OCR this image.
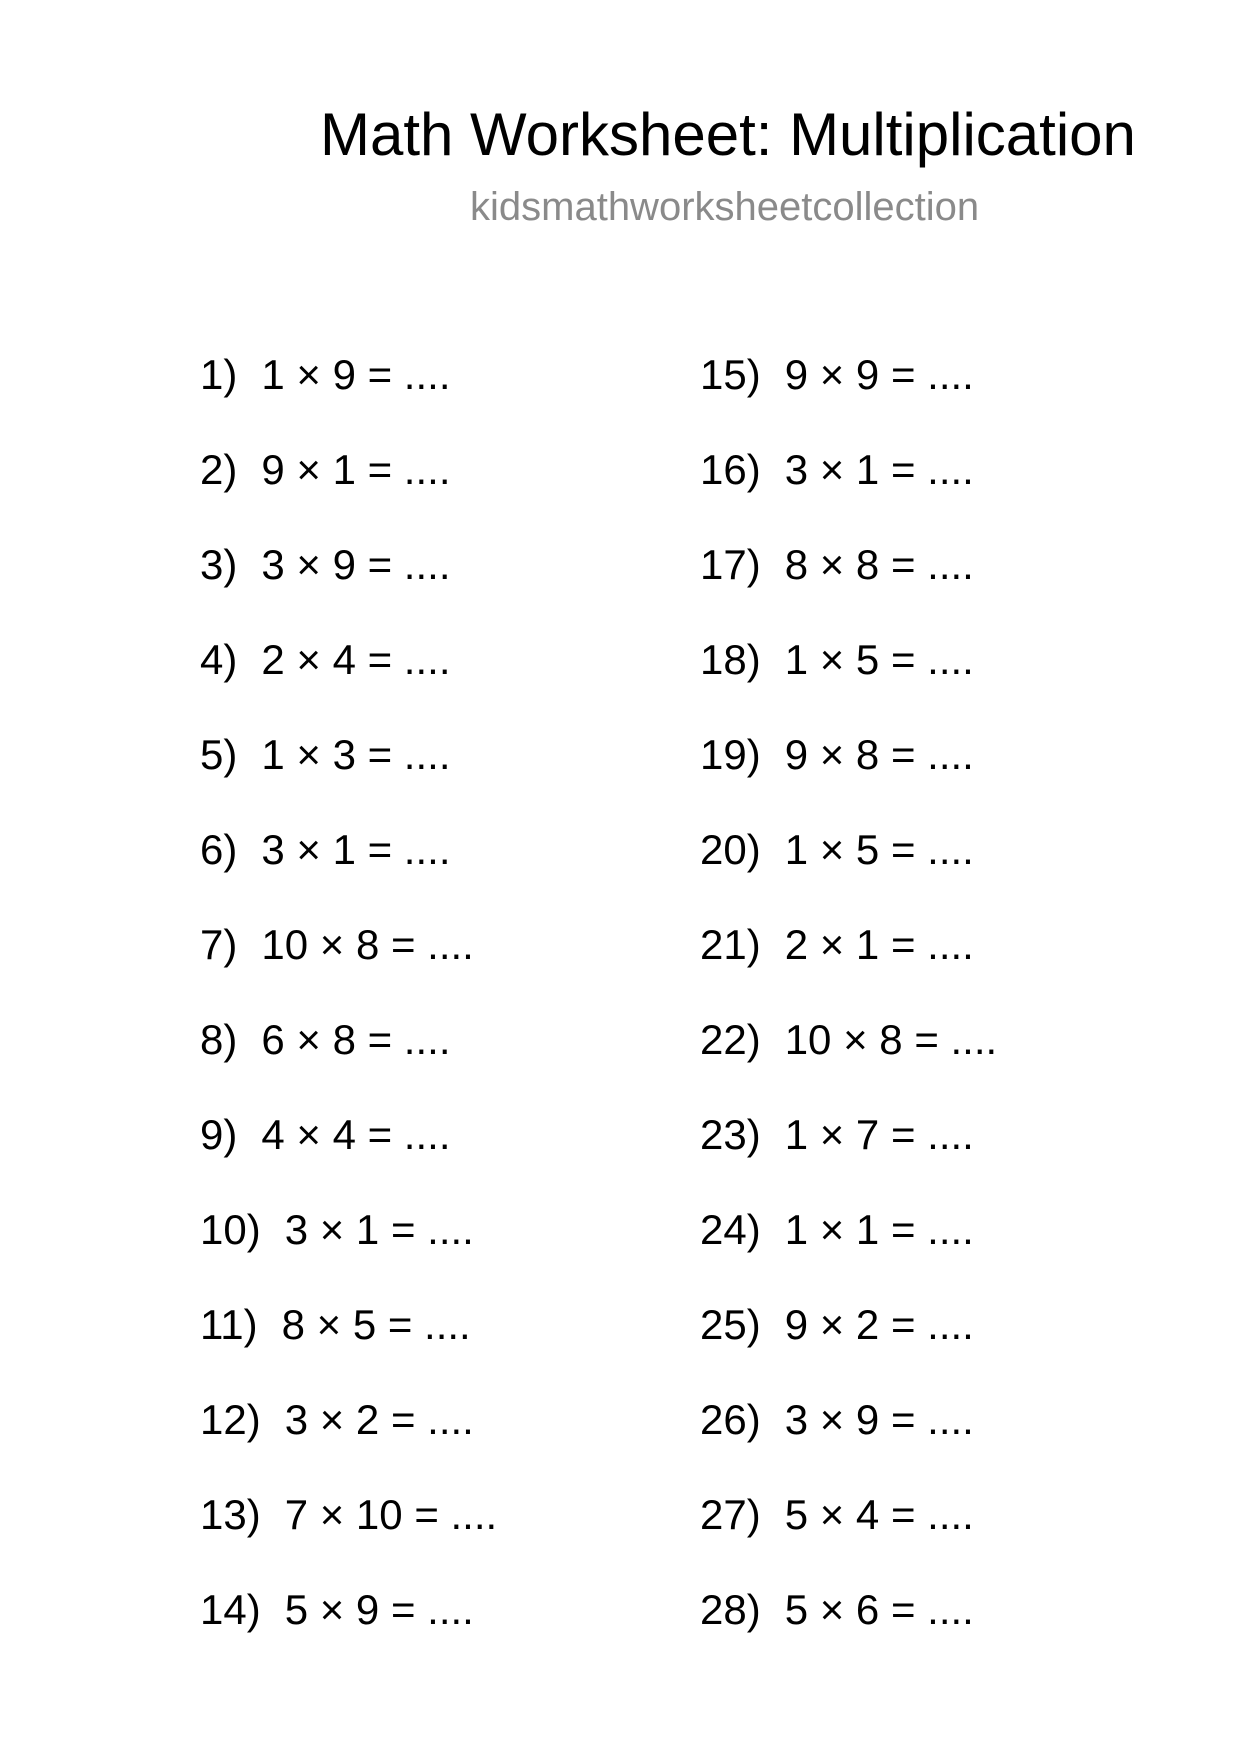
Math Worksheet: Multiplication
kidsmathworksheetcollection
1) 1 × 9 = ....
2) 9 × 1 = ....
3) 3 × 9 = ....
4) 2 × 4 = ....
5) 1 × 3 = ....
6) 3 × 1 = ....
7) 10 × 8 = ....
8) 6 × 8 = ....
9) 4 × 4 = ....
10) 3 × 1 = ....
11) 8 × 5 = ....
12) 3 × 2 = ....
13) 7 × 10 = ....
14) 5 × 9 = ....
15) 9 × 9 = ....
16) 3 × 1 = ....
17) 8 × 8 = ....
18) 1 × 5 = ....
19) 9 × 8 = ....
20) 1 × 5 = ....
21) 2 × 1 = ....
22) 10 × 8 = ....
23) 1 × 7 = ....
24) 1 × 1 = ....
25) 9 × 2 = ....
26) 3 × 9 = ....
27) 5 × 4 = ....
28) 5 × 6 = ....
